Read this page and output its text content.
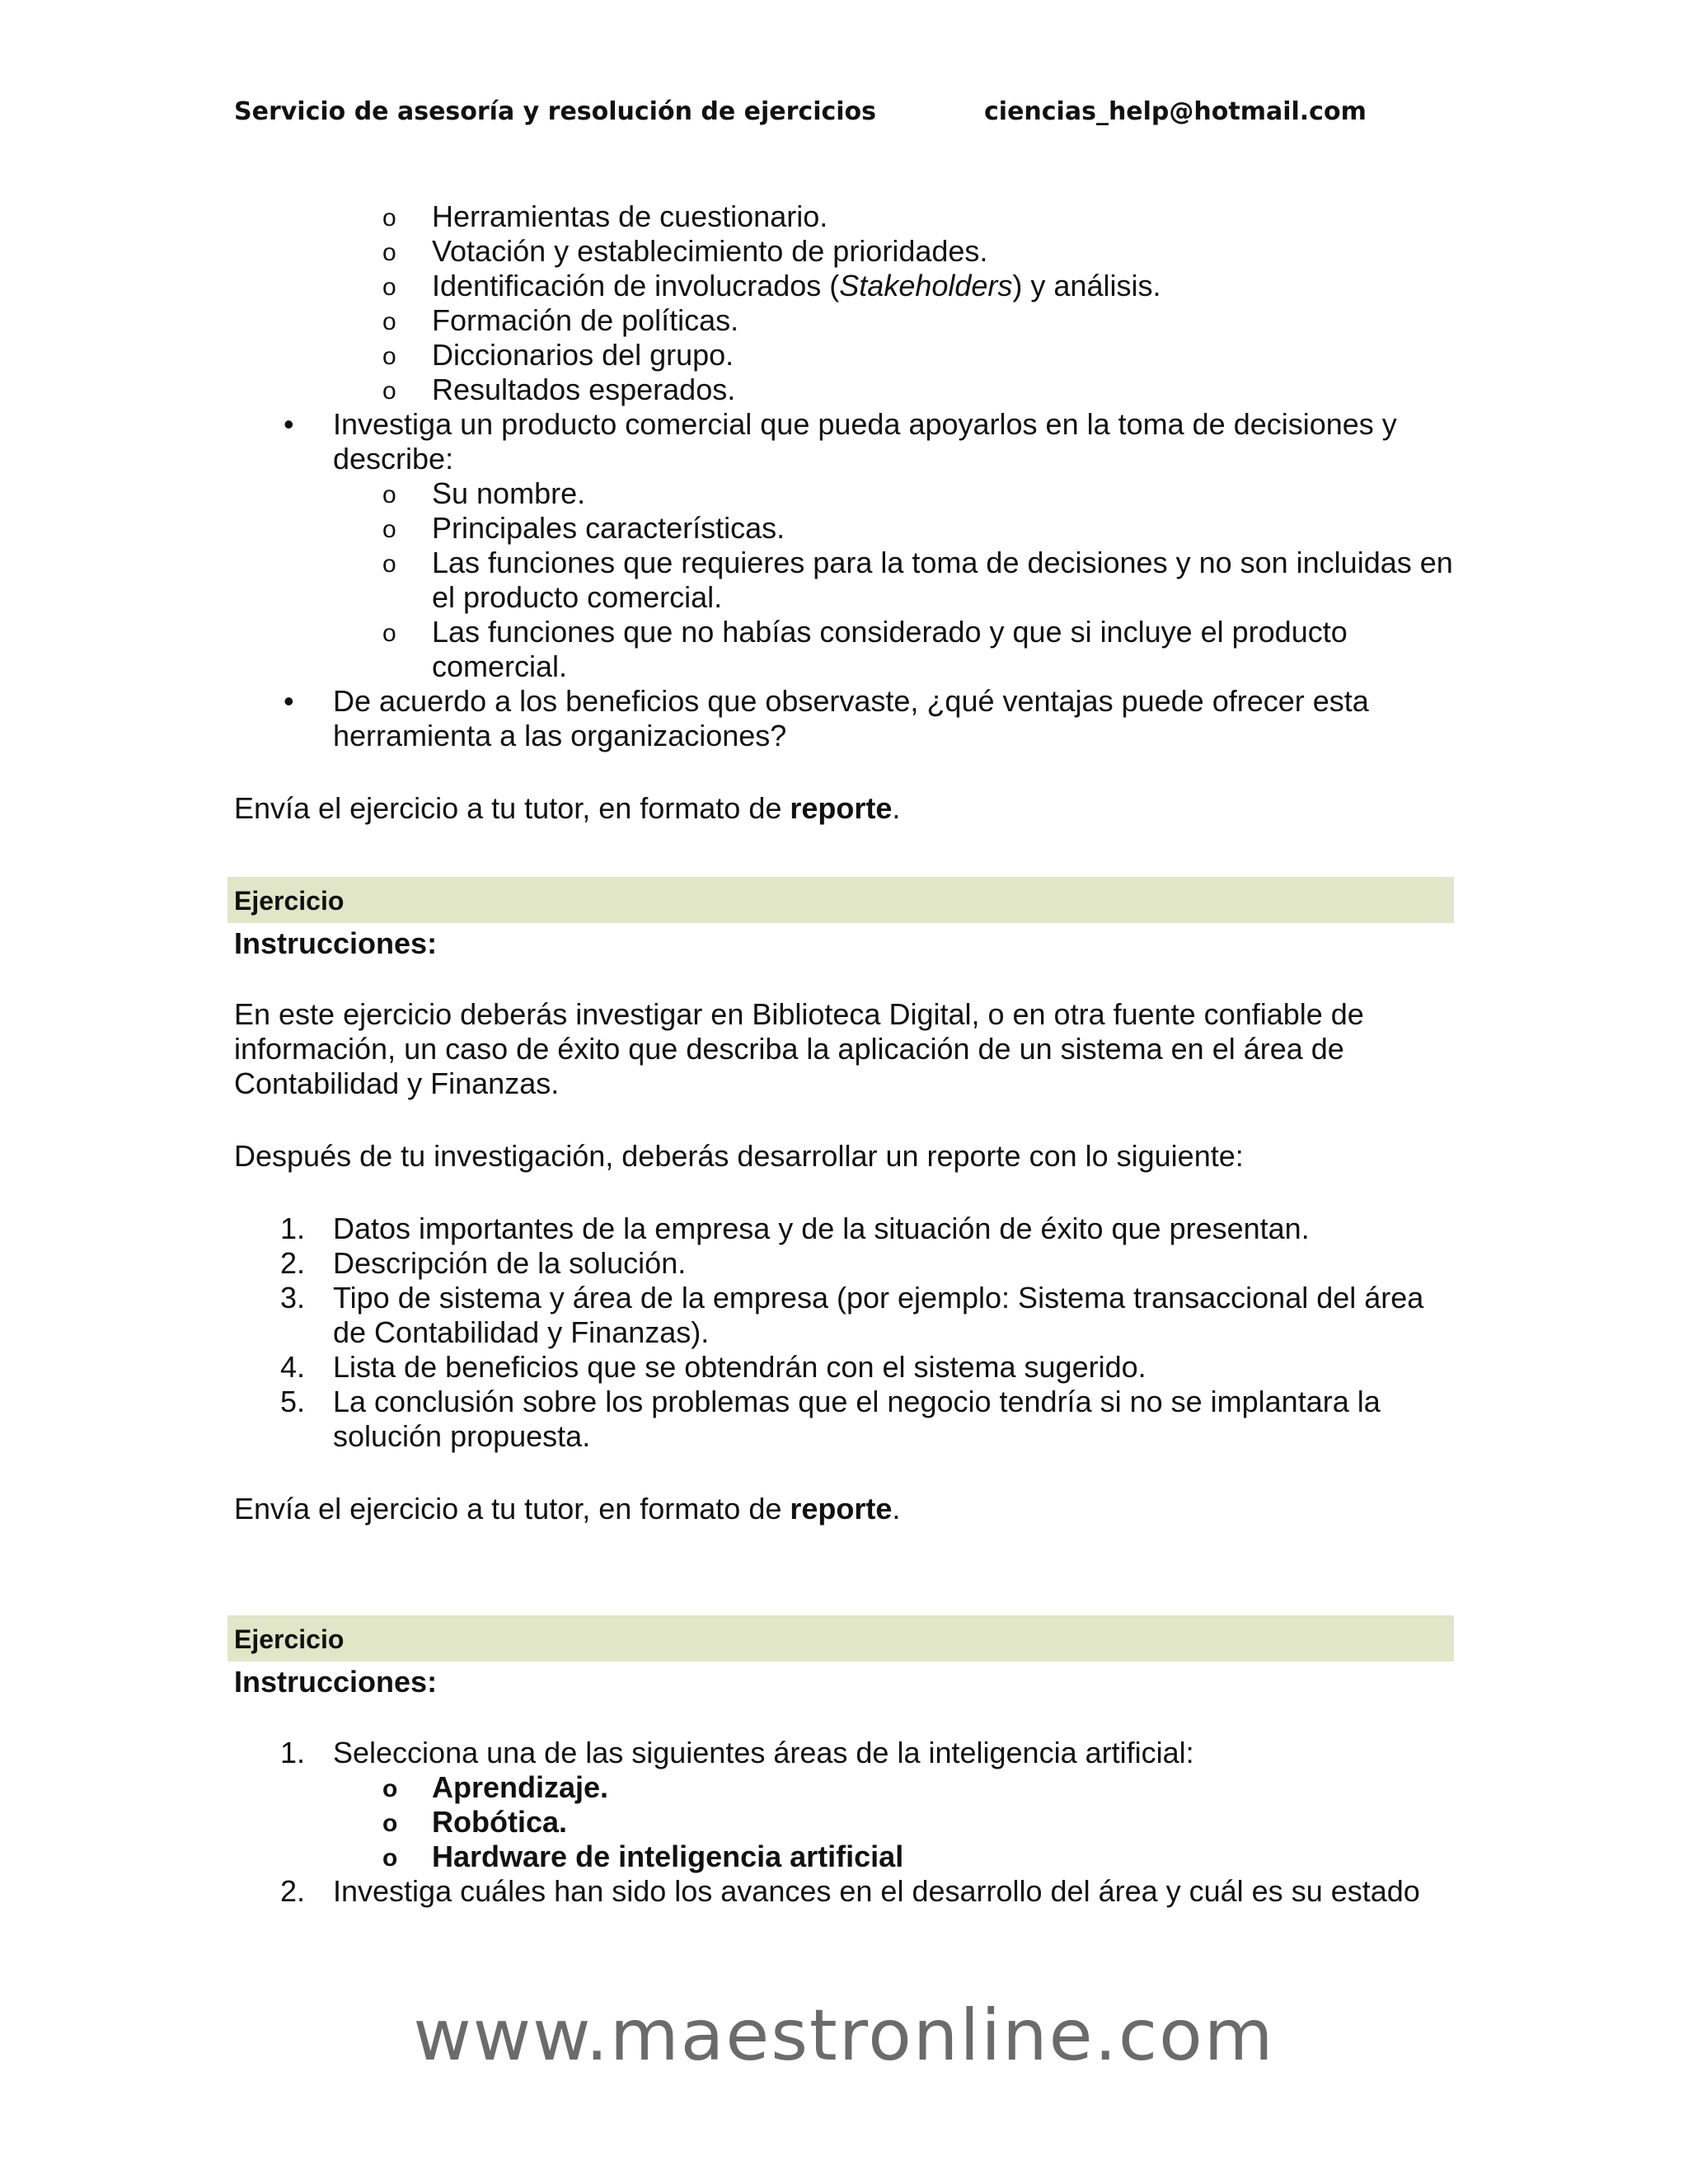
Servicio de asesoría y resolución de ejercicios	ciencias_help@hotmail.com
o Herramientas de cuestionario.
o Votación y establecimiento de prioridades.
o Identificación de involucrados (Stakeholders) y análisis.
o Formación de políticas.
o Diccionarios del grupo.
o Resultados esperados.
• Investiga un producto comercial que pueda apoyarlos en la toma de decisiones y describe:
o Su nombre.
o Principales características.
o Las funciones que requieres para la toma de decisiones y no son incluidas en el producto comercial.
o Las funciones que no habías considerado y que si incluye el producto comercial.
• De acuerdo a los beneficios que observaste, ¿qué ventajas puede ofrecer esta herramienta a las organizaciones?

Envía el ejercicio a tu tutor, en formato de reporte.

Ejercicio
Instrucciones:

En este ejercicio deberás investigar en Biblioteca Digital, o en otra fuente confiable de información, un caso de éxito que describa la aplicación de un sistema en el área de Contabilidad y Finanzas.

Después de tu investigación, deberás desarrollar un reporte con lo siguiente:

1. Datos importantes de la empresa y de la situación de éxito que presentan.
2. Descripción de la solución.
3. Tipo de sistema y área de la empresa (por ejemplo: Sistema transaccional del área de Contabilidad y Finanzas).
4. Lista de beneficios que se obtendrán con el sistema sugerido.
5. La conclusión sobre los problemas que el negocio tendría si no se implantara la solución propuesta.

Envía el ejercicio a tu tutor, en formato de reporte.

Ejercicio
Instrucciones:
1. Selecciona una de las siguientes áreas de la inteligencia artificial:
o Aprendizaje.
o Robótica.
o Hardware de inteligencia artificial
2. Investiga cuáles han sido los avances en el desarrollo del área y cuál es su estado
www.maestronline.com
